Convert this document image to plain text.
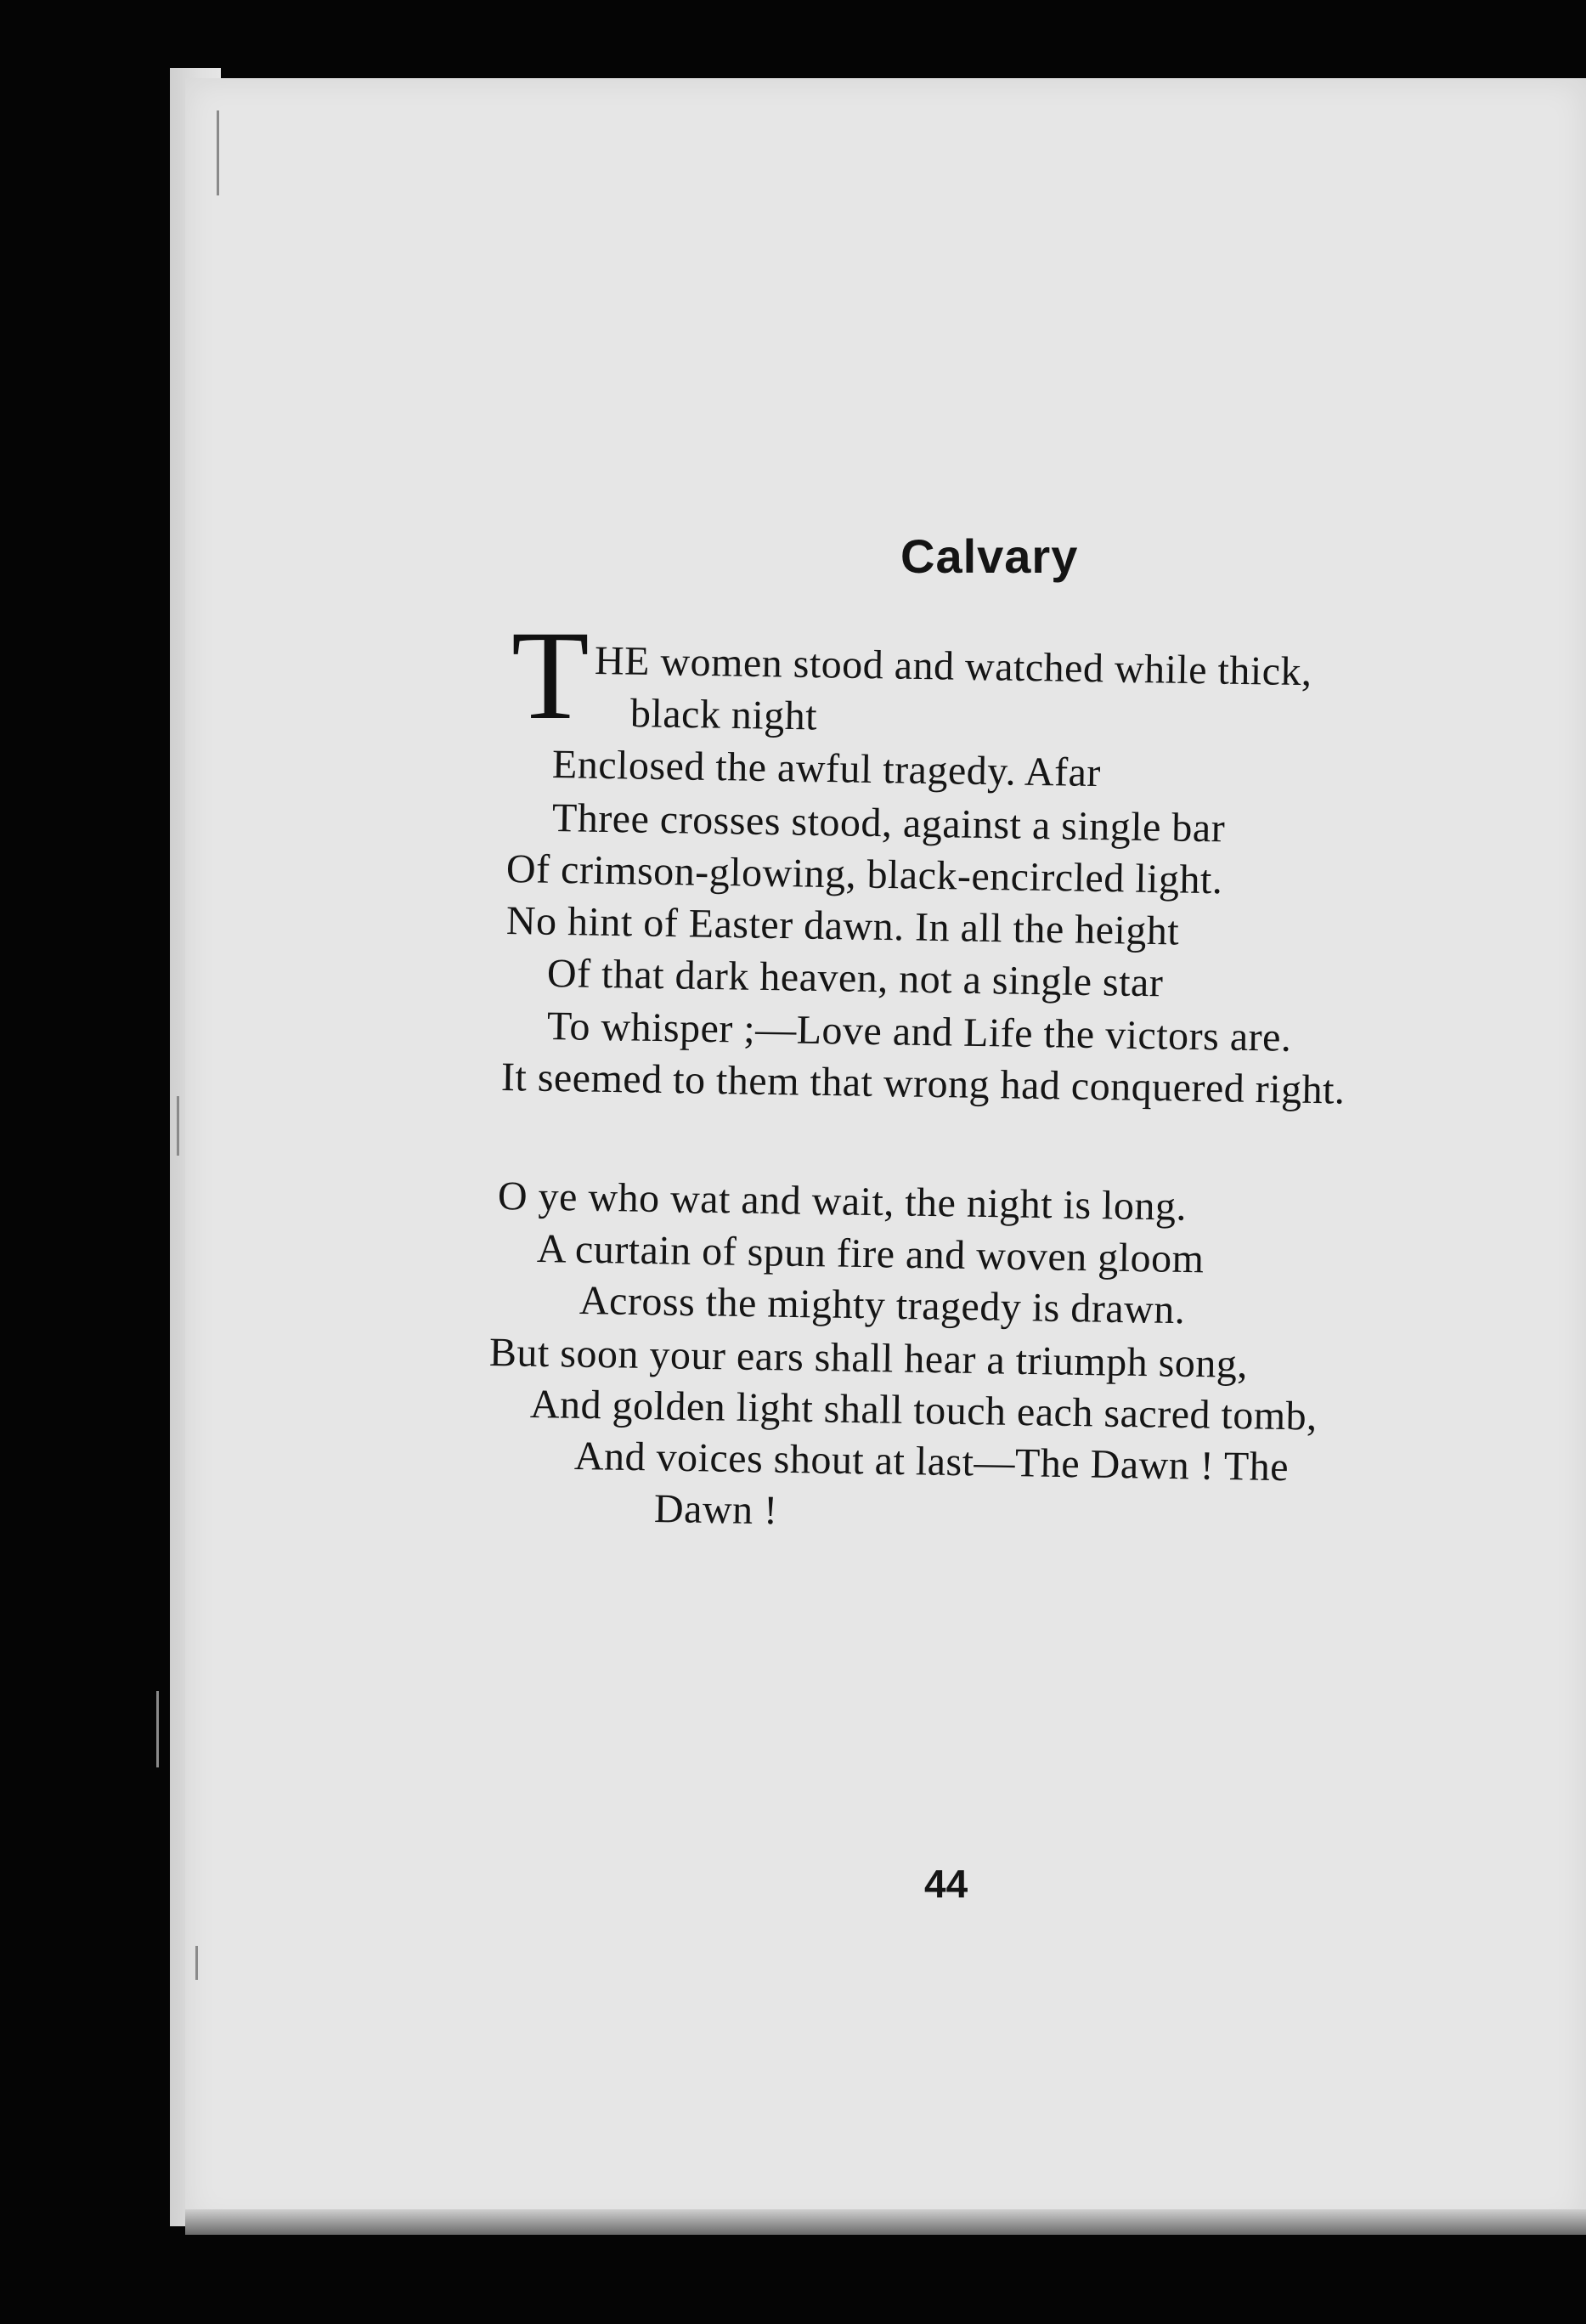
Calvary
T HE women stood and watched while thick,
black night
Enclosed the awful tragedy. Afar
Three crosses stood, against a single bar
Of crimson-glowing, black-encircled light.
No hint of Easter dawn. In all the height
Of that dark heaven, not a single star
To whisper ;—Love and Life the victors are.
It seemed to them that wrong had conquered right.
O ye who wat and wait, the night is long.
A curtain of spun fire and woven gloom
Across the mighty tragedy is drawn.
But soon your ears shall hear a triumph song,
And golden light shall touch each sacred tomb,
And voices shout at last—The Dawn ! The
Dawn !
44
